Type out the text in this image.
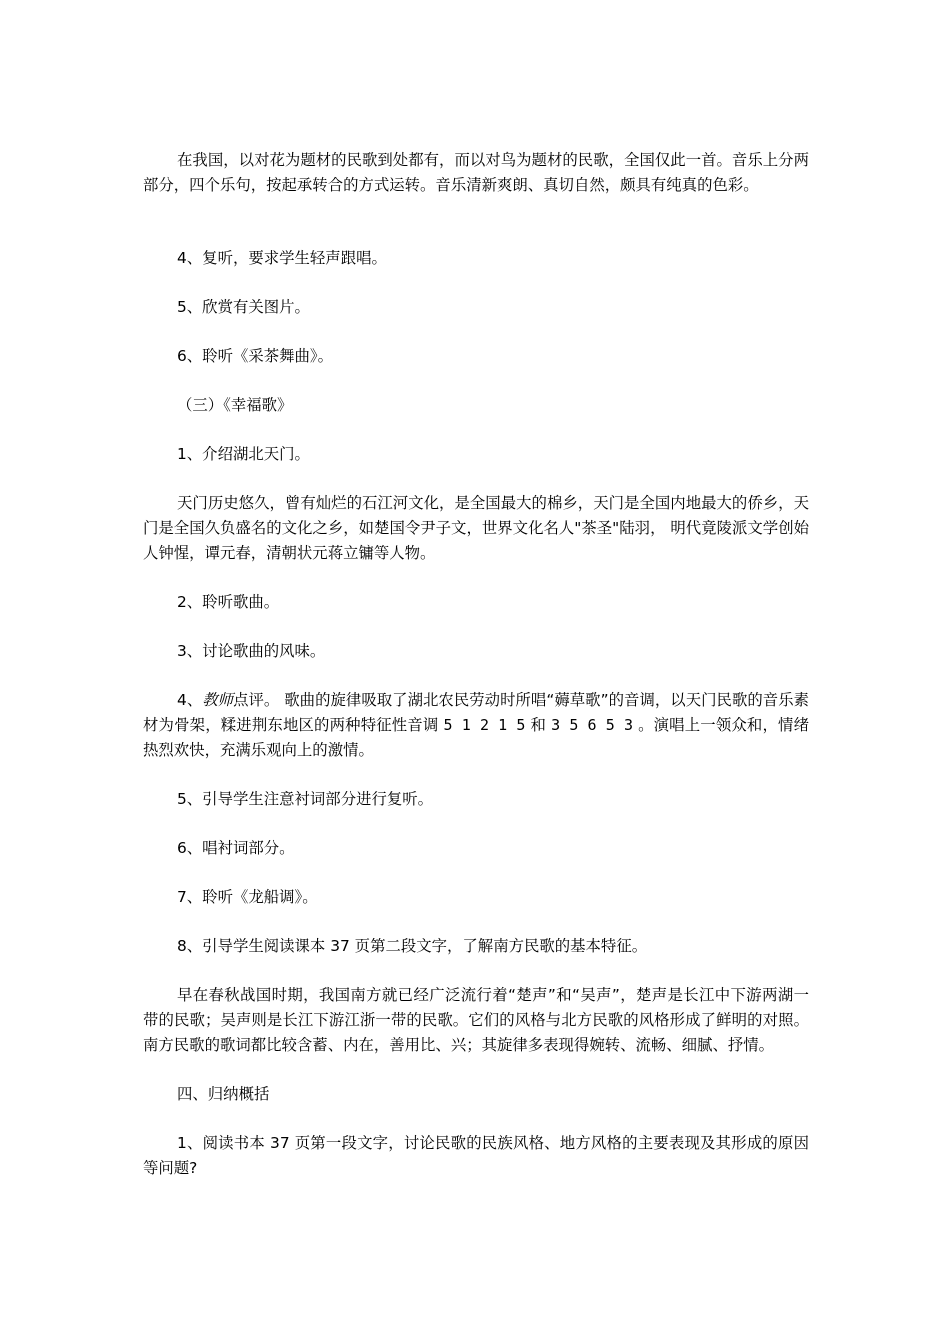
在我国，以对花为题材的民歌到处都有，而以对鸟为题材的民歌，全国仅此一首。音乐上分两部分，四个乐句，按起承转合的方式运转。音乐清新爽朗、真切自然，颇具有纯真的色彩。

4、复听，要求学生轻声跟唱。

5、欣赏有关图片。

6、聆听《采茶舞曲》。

（三）《幸福歌》

1、介绍湖北天门。

天门历史悠久，曾有灿烂的石江河文化，是全国最大的棉乡，天门是全国内地最大的侨乡，天门是全国久负盛名的文化之乡，如楚国令尹子文，世界文化名人"茶圣"陆羽， 明代竟陵派文学创始人钟惺，谭元春，清朝状元蒋立镛等人物。

2、聆听歌曲。

3、讨论歌曲的风味。

4、教师点评。 歌曲的旋律吸取了湖北农民劳动时所唱“薅草歌”的音调，以天门民歌的音乐素材为骨架，糅进荆东地区的两种特征性音调 5 1 2 1 5 和 3 5 6 5 3 。演唱上一领众和，情绪热烈欢快，充满乐观向上的激情。

5、引导学生注意衬词部分进行复听。

6、唱衬词部分。

7、聆听《龙船调》。

8、引导学生阅读课本 37 页第二段文字，了解南方民歌的基本特征。

早在春秋战国时期，我国南方就已经广泛流行着“楚声”和“吴声”，楚声是长江中下游两湖一带的民歌；吴声则是长江下游江浙一带的民歌。它们的风格与北方民歌的风格形成了鲜明的对照。南方民歌的歌词都比较含蓄、内在，善用比、兴；其旋律多表现得婉转、流畅、细腻、抒情。

四、归纳概括

1、阅读书本 37 页第一段文字，讨论民歌的民族风格、地方风格的主要表现及其形成的原因等问题?
